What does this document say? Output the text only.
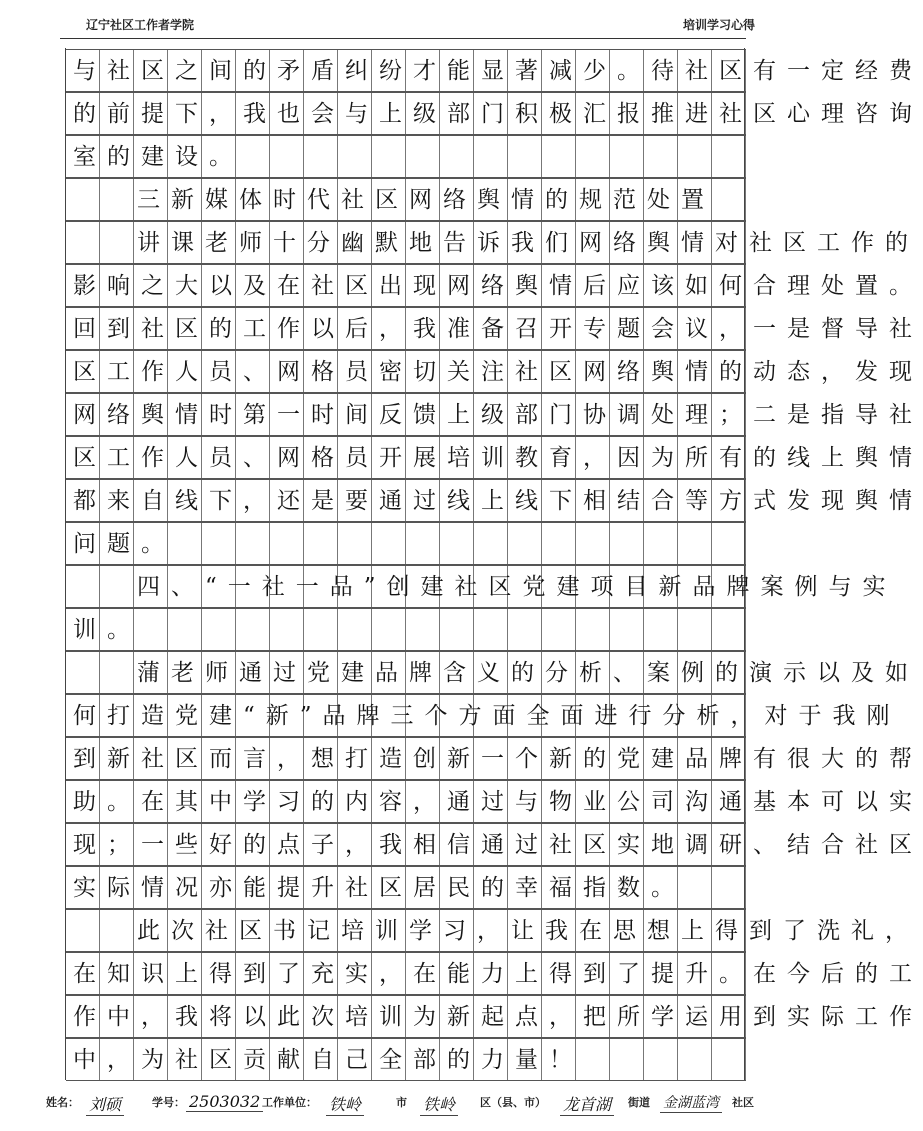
辽宁社区工作者学院	培训学习心得
与社区之间的矛盾纠纷才能显著减少。待社区有一定经费
的前提下，我也会与上级部门积极汇报推进社区心理咨询
室的建设。
三新媒体时代社区网络舆情的规范处置
讲课老师十分幽默地告诉我们网络舆情对社区工作的
影响之大以及在社区出现网络舆情后应该如何合理处置。
回到社区的工作以后，我准备召开专题会议，一是督导社
区工作人员、网格员密切关注社区网络舆情的动态，发现
网络舆情时第一时间反馈上级部门协调处理；二是指导社
区工作人员、网格员开展培训教育，因为所有的线上舆情
都来自线下，还是要通过线上线下相结合等方式发现舆情
问题。
四、“一社一品”创建社区党建项目新品牌案例与实
训。
蒲老师通过党建品牌含义的分析、案例的演示以及如
何打造党建“新”品牌三个方面全面进行分析，对于我刚
到新社区而言，想打造创新一个新的党建品牌有很大的帮
助。在其中学习的内容，通过与物业公司沟通基本可以实
现；一些好的点子，我相信通过社区实地调研、结合社区
实际情况亦能提升社区居民的幸福指数。
此次社区书记培训学习，让我在思想上得到了洗礼，
在知识上得到了充实，在能力上得到了提升。在今后的工
作中，我将以此次培训为新起点，把所学运用到实际工作
中，为社区贡献自己全部的力量！
姓名： 刘硕	学号： 2503032 工作单位： 铁岭	市 铁岭 区（县、市） 龙首湖 街道 金湖蓝湾 社区
